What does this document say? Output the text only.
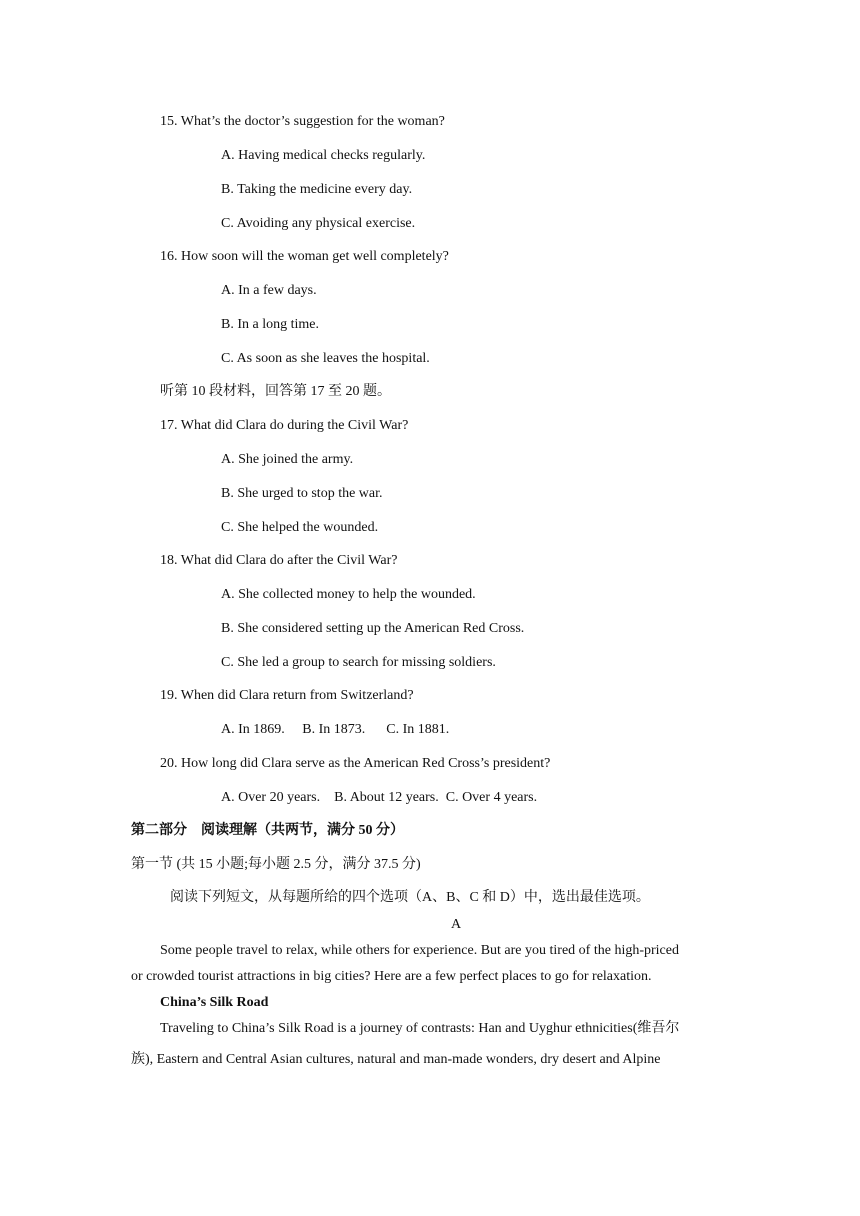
15. What’s the doctor’s suggestion for the woman?
A. Having medical checks regularly.
B. Taking the medicine every day.
C. Avoiding any physical exercise.
16. How soon will the woman get well completely?
A. In a few days.
B. In a long time.
C. As soon as she leaves the hospital.
听第 10 段材料，回答第 17 至 20 题。
17. What did Clara do during the Civil War?
A. She joined the army.
B. She urged to stop the war.
C. She helped the wounded.
18. What did Clara do after the Civil War?
A. She collected money to help the wounded.
B. She considered setting up the American Red Cross.
C. She led a group to search for missing soldiers.
19. When did Clara return from Switzerland?
A. In 1869.     B. In 1873.      C. In 1881.
20. How long did Clara serve as the American Red Cross’s president?
A. Over 20 years.    B. About 12 years.  C. Over 4 years.
第二部分　阅读理解（共两节，满分 50 分）
第一节 (共 15 小题;每小题 2.5 分，满分 37.5 分)
阅读下列短文，从每题所给的四个选项（A、B、C 和 D）中，选出最佳选项。
A
Some people travel to relax, while others for experience. But are you tired of the high-priced
or crowded tourist attractions in big cities? Here are a few perfect places to go for relaxation.
China’s Silk Road
Traveling to China’s Silk Road is a journey of contrasts: Han and Uyghur ethnicities(维吾尔
族), Eastern and Central Asian cultures, natural and man-made wonders, dry desert and Alpine
